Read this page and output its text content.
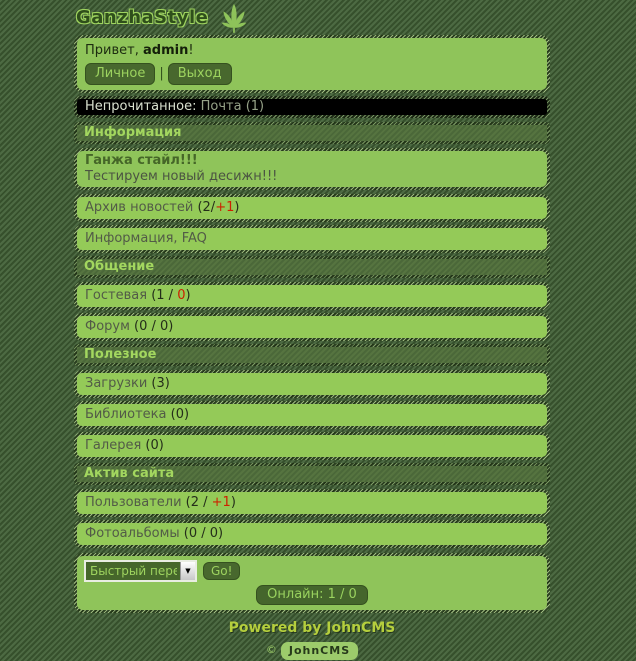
GanzhaStyle
Привет, admin!
Личное | Выход
Непрочитанное: Почта (1)
Информация
Ганжа стайл!!!
Тестируем новый десижн!!!
Архив новостей (2/+1)
Информация, FAQ
Общение
Гостевая (1 / 0)
Форум (0 / 0)
Полезное
Загрузки (3)
Библиотека (0)
Галерея (0)
Актив сайта
Пользователи (2 / +1)
Фотоальбомы (0 / 0)
Быстрый переход
▼	Go!
Онлайн: 1 / 0
Powered by JohnCMS
© JohnCMS
